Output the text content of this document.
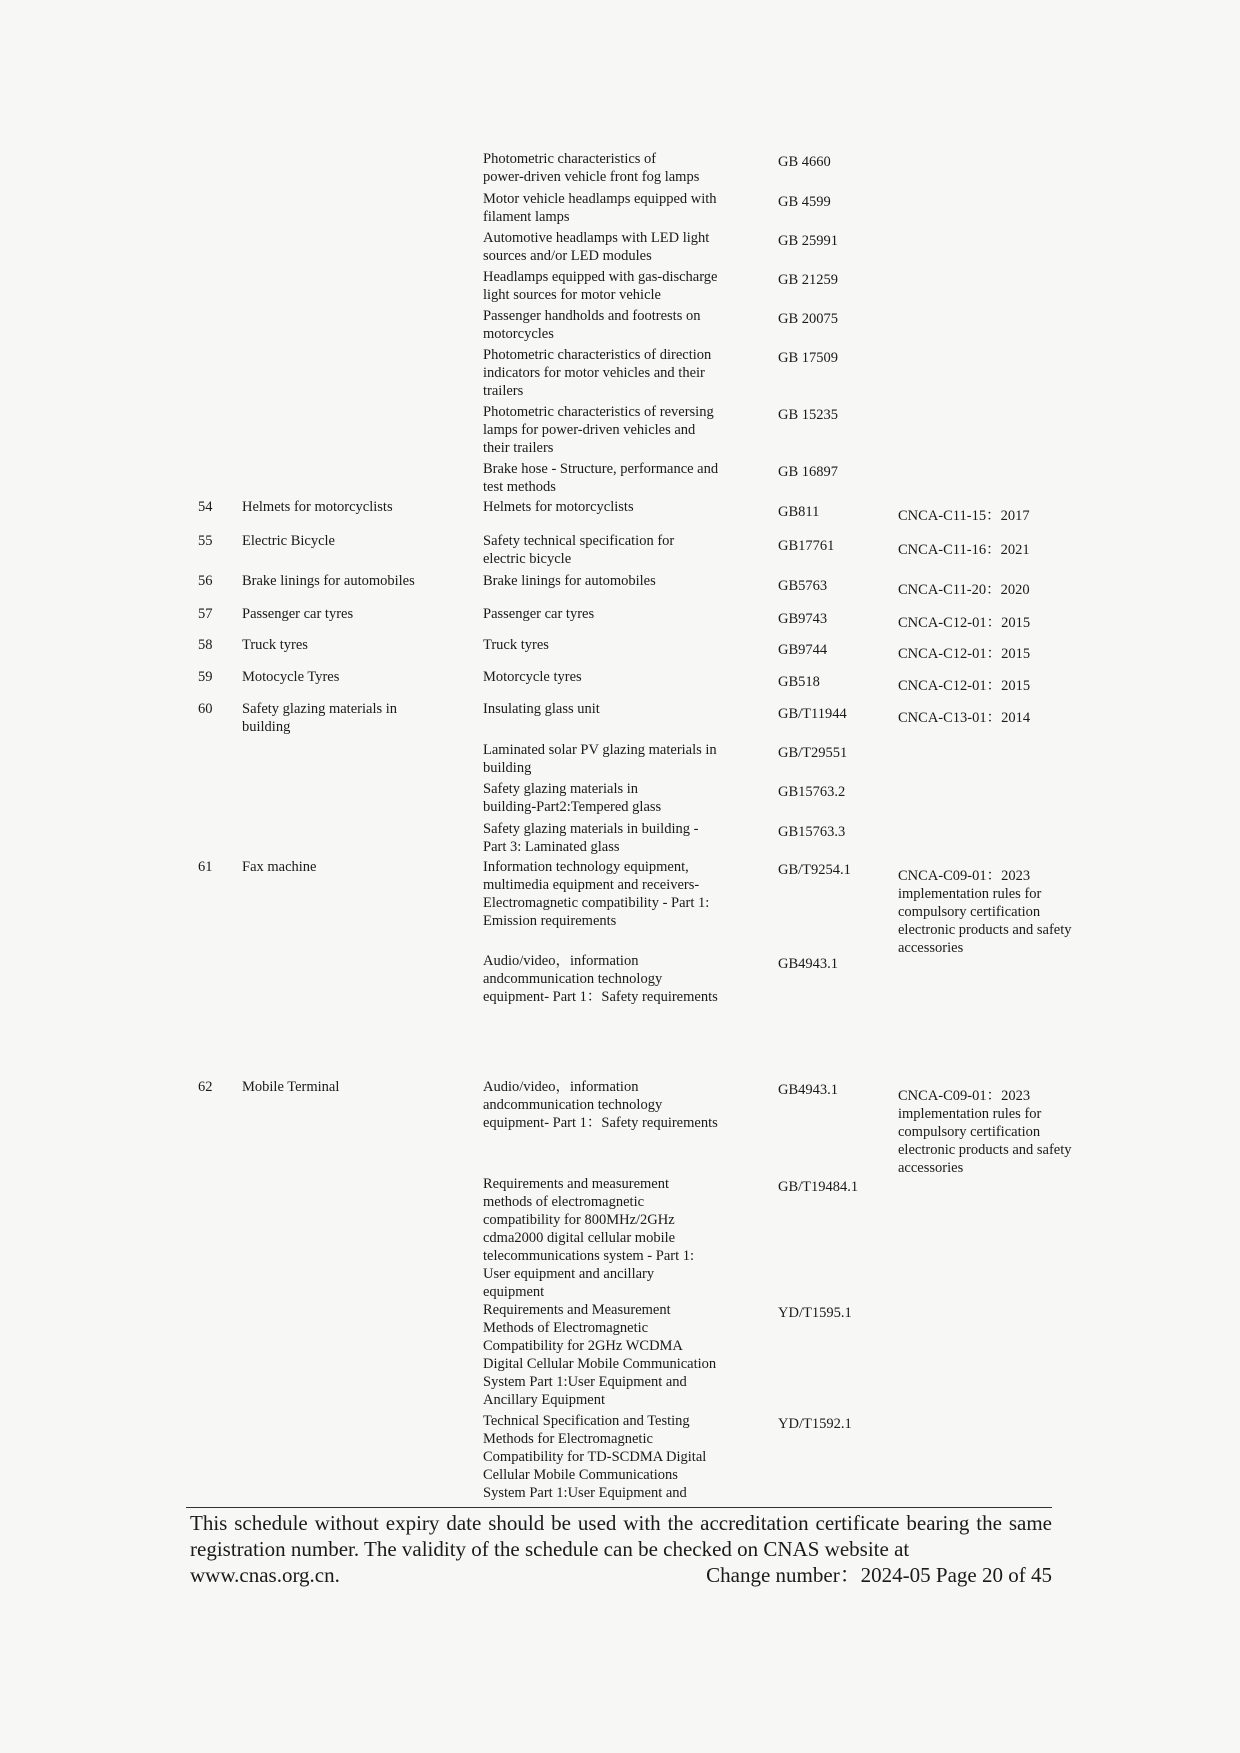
Photometric characteristics of
power-driven vehicle front fog lamps
GB 4660
Motor vehicle headlamps equipped with
filament lamps
GB 4599
Automotive headlamps with LED light
sources and/or LED modules
GB 25991
Headlamps equipped with gas-discharge
light sources for motor vehicle
GB 21259
Passenger handholds and footrests on
motorcycles
GB 20075
Photometric characteristics of direction
indicators for motor vehicles and their
trailers
GB 17509
Photometric characteristics of reversing
lamps for power-driven vehicles and
their trailers
GB 15235
Brake hose - Structure, performance and
test methods
GB 16897
54	Helmets for motorcyclists	Helmets for motorcyclists	GB811	CNCA-C11-15：2017
55	Electric Bicycle	Safety technical specification for
electric bicycle
GB17761	CNCA-C11-16：2021
56	Brake linings for automobiles	Brake linings for automobiles	GB5763	CNCA-C11-20：2020
57	Passenger car tyres	Passenger car tyres	GB9743	CNCA-C12-01：2015
58	Truck tyres	Truck tyres	GB9744	CNCA-C12-01：2015
59	Motocycle Tyres	Motorcycle tyres	GB518	CNCA-C12-01：2015
60	Safety glazing materials in
building
Insulating glass unit	GB/T11944	CNCA-C13-01：2014
Laminated solar PV glazing materials in
building
GB/T29551
Safety glazing materials in
building-Part2:Tempered glass
GB15763.2
Safety glazing materials in building -
Part 3: Laminated glass
GB15763.3
61	Fax machine	Information technology equipment,
multimedia equipment and receivers-
Electromagnetic compatibility - Part 1:
Emission requirements
GB/T9254.1	CNCA-C09-01：2023
implementation rules for
compulsory certification
electronic products and safety
accessories
Audio/video，information
andcommunication technology
equipment- Part 1：Safety requirements
GB4943.1
62	Mobile Terminal	Audio/video，information
andcommunication technology
equipment- Part 1：Safety requirements
GB4943.1	CNCA-C09-01：2023
implementation rules for
compulsory certification
electronic products and safety
accessories
Requirements and measurement
methods of electromagnetic
compatibility for 800MHz/2GHz
cdma2000 digital cellular mobile
telecommunications system - Part 1:
User equipment and ancillary
equipment
GB/T19484.1
Requirements and Measurement
Methods of Electromagnetic
Compatibility for 2GHz WCDMA
Digital Cellular Mobile Communication
System Part 1:User Equipment and
Ancillary Equipment
YD/T1595.1
Technical Specification and Testing
Methods for Electromagnetic
Compatibility for TD-SCDMA Digital
Cellular Mobile Communications
System Part 1:User Equipment and
YD/T1592.1
This schedule without expiry date should be used with the accreditation certificate bearing the same registration number. The validity of the schedule can be checked on CNAS website at
www.cnas.org.cn.	Change number：2024-05 Page 20 of 45
